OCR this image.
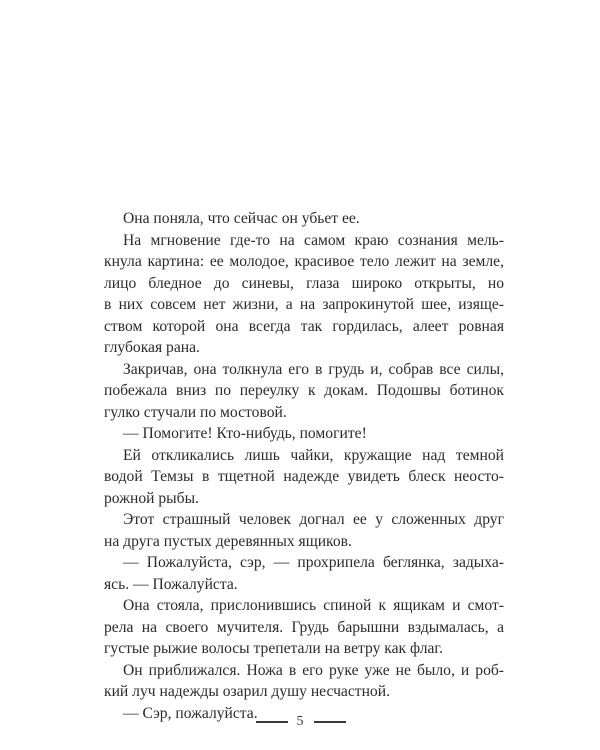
Она поняла, что сейчас он убьет ее.
На мгновение где-то на самом краю сознания мель-
кнула картина: ее молодое, красивое тело лежит на земле,
лицо бледное до синевы, глаза широко открыты, но
в них совсем нет жизни, а на запрокинутой шее, изяще-
ством которой она всегда так гордилась, алеет ровная
глубокая рана.
Закричав, она толкнула его в грудь и, собрав все силы,
побежала вниз по переулку к докам. Подошвы ботинок
гулко стучали по мостовой.
— Помогите! Кто-нибудь, помогите!
Ей откликались лишь чайки, кружащие над темной
водой Темзы в тщетной надежде увидеть блеск неосто-
рожной рыбы.
Этот страшный человек догнал ее у сложенных друг
на друга пустых деревянных ящиков.
— Пожалуйста, сэр, — прохрипела беглянка, задыха-
ясь. — Пожалуйста.
Она стояла, прислонившись спиной к ящикам и смот-
рела на своего мучителя. Грудь барышни вздымалась, а
густые рыжие волосы трепетали на ветру как флаг.
Он приближался. Ножа в его руке уже не было, и роб-
кий луч надежды озарил душу несчастной.
— Сэр, пожалуйста.	5
